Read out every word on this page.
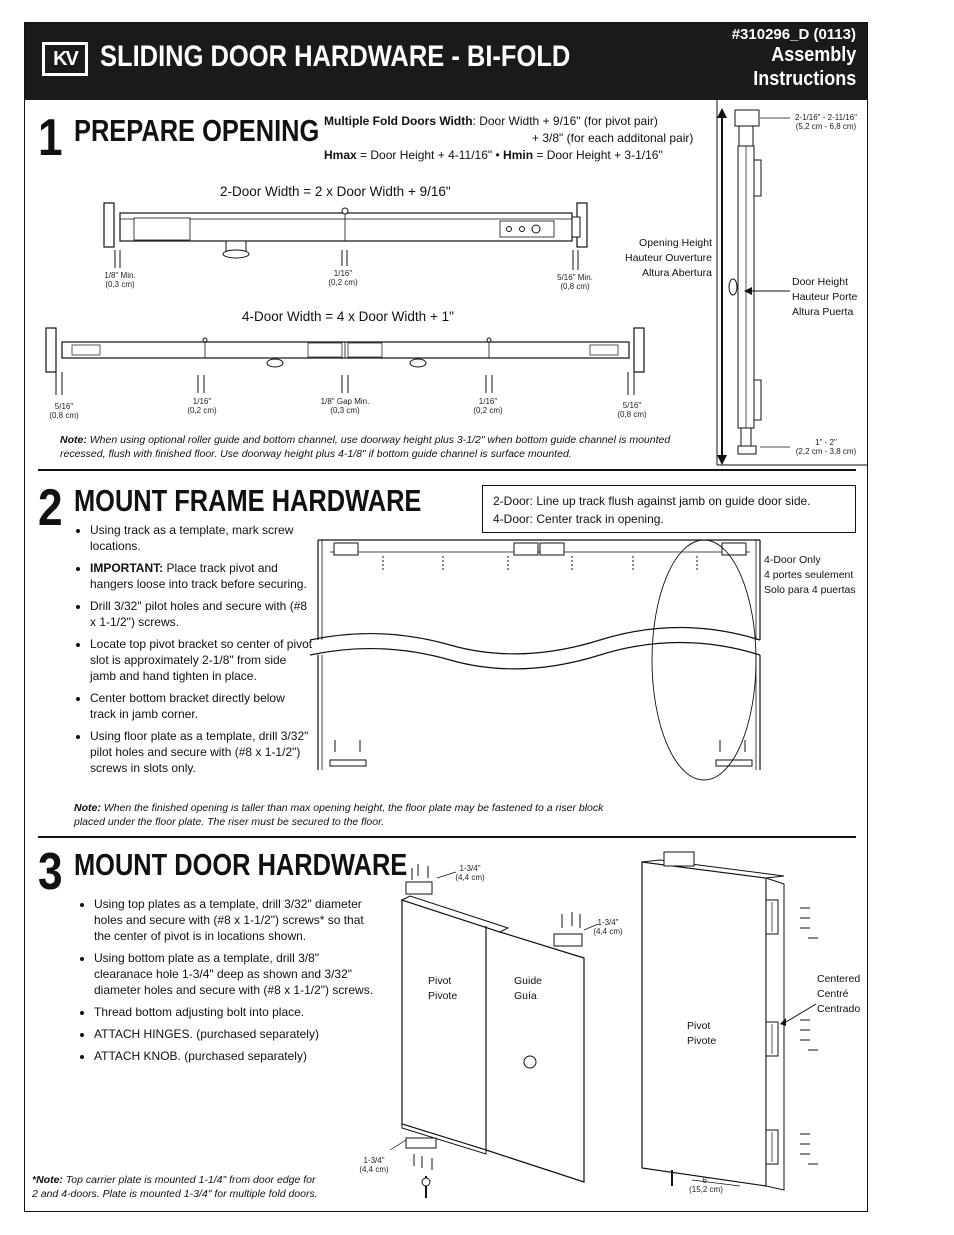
KV SLIDING DOOR HARDWARE - BI-FOLD
#310296_D (0113)
Assembly
Instructions
1 PREPARE OPENING Multiple Fold Doors Width: Door Width + 9/16" (for pivot pair)
+ 3/8" (for each additonal pair)
Hmax = Door Height + 4-11/16" • Hmin = Door Height + 3-1/16"
2-Door Width = 2 x Door Width + 9/16"
1/8" Min.
(0,3 cm)
1/16"
(0,2 cm)
5/16" Min.
(0,8 cm)
4-Door Width = 4 x Door Width + 1"
5/16"
(0,8 cm)
1/16"
(0,2 cm)
1/8" Gap Min.
(0,3 cm)
1/16"
(0,2 cm)
5/16"
(0,8 cm)
Note: When using optional roller guide and bottom channel, use doorway height plus 3-1/2" when bottom guide channel is mounted
recessed, flush with finished floor. Use doorway height plus 4-1/8" if bottom guide channel is surface mounted.
2-1/16" - 2-11/16"
(5,2 cm - 6,8 cm)
1" - 2"
(2,2 cm - 3,8 cm)
Opening Height
Hauteur Ouverture
Altura Abertura
Door Height
Hauteur Porte
Altura Puerta
2 MOUNT FRAME HARDWARE	2-Door: Line up track flush against jamb on guide door side.
4-Door: Center track in opening.
• Using track as a template, mark screw locations.
• IMPORTANT: Place track pivot and hangers loose into track before securing.
• Drill 3/32" pilot holes and secure with (#8 x 1-1/2") screws.
• Locate top pivot bracket so center of pivot slot is approximately 2-1/8" from side jamb and hand tighten in place.
• Center bottom bracket directly below track in jamb corner.
• Using floor plate as a template, drill 3/32" pilot holes and secure with (#8 x 1-1/2") screws in slots only.
4-Door Only
4 portes seulement
Solo para 4 puertas
Note: When the finished opening is taller than max opening height, the floor plate may be fastened to a riser block
placed under the floor plate. The riser must be secured to the floor.
3 MOUNT DOOR HARDWARE
• Using top plates as a template, drill 3/32" diameter holes and secure with (#8 x 1-1/2") screws* so that the center of pivot is in locations shown.
• Using bottom plate as a template, drill 3/8" clearanace hole 1-3/4" deep as shown and 3/32" diameter holes and secure with (#8 x 1-1/2") screws.
• Thread bottom adjusting bolt into place.
• ATTACH HINGES. (purchased separately)
• ATTACH KNOB. (purchased separately)
1-3/4"
(4,4 cm)
1-3/4"
(4,4 cm)
1-3/4"
(4,4 cm)
Pivot
Pivote
Guide
Guía
Pivot
Pivote
Centered
Centré
Centrado
6"
(15,2 cm)
*Note: Top carrier plate is mounted 1-1/4" from door edge for
2 and 4-doors. Plate is mounted 1-3/4" for multiple fold doors.
